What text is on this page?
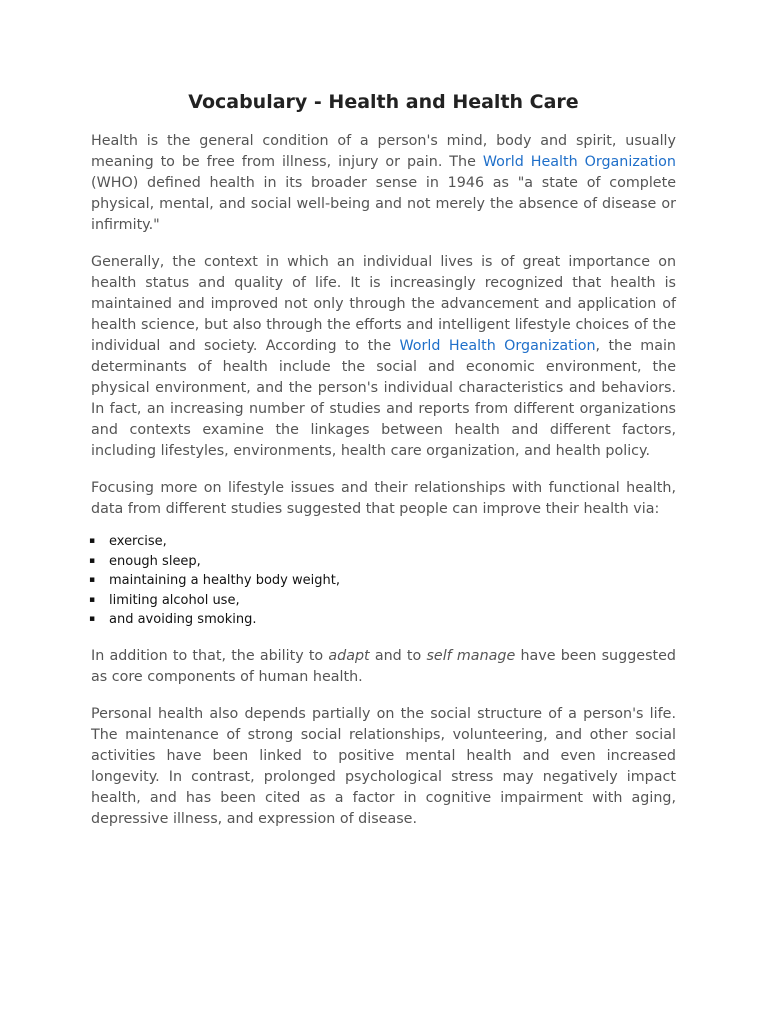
Vocabulary - Health and Health Care

Health is the general condition of a person's mind, body and spirit, usually meaning to be free from illness, injury or pain. The World Health Organization (WHO) defined health in its broader sense in 1946 as "a state of complete physical, mental, and social well-being and not merely the absence of disease or infirmity."

Generally, the context in which an individual lives is of great importance on health status and quality of life. It is increasingly recognized that health is maintained and improved not only through the advancement and application of health science, but also through the efforts and intelligent lifestyle choices of the individual and society. According to the World Health Organization, the main determinants of health include the social and economic environment, the physical environment, and the person's individual characteristics and behaviors. In fact, an increasing number of studies and reports from different organizations and contexts examine the linkages between health and different factors, including lifestyles, environments, health care organization, and health policy.

Focusing more on lifestyle issues and their relationships with functional health, data from different studies suggested that people can improve their health via:

▪	exercise,
▪	enough sleep,
▪	maintaining a healthy body weight,
▪	limiting alcohol use,
▪	and avoiding smoking.

In addition to that, the ability to adapt and to self manage have been suggested as core components of human health.

Personal health also depends partially on the social structure of a person's life. The maintenance of strong social relationships, volunteering, and other social activities have been linked to positive mental health and even increased longevity. In contrast, prolonged psychological stress may negatively impact health, and has been cited as a factor in cognitive impairment with aging, depressive illness, and expression of disease.
